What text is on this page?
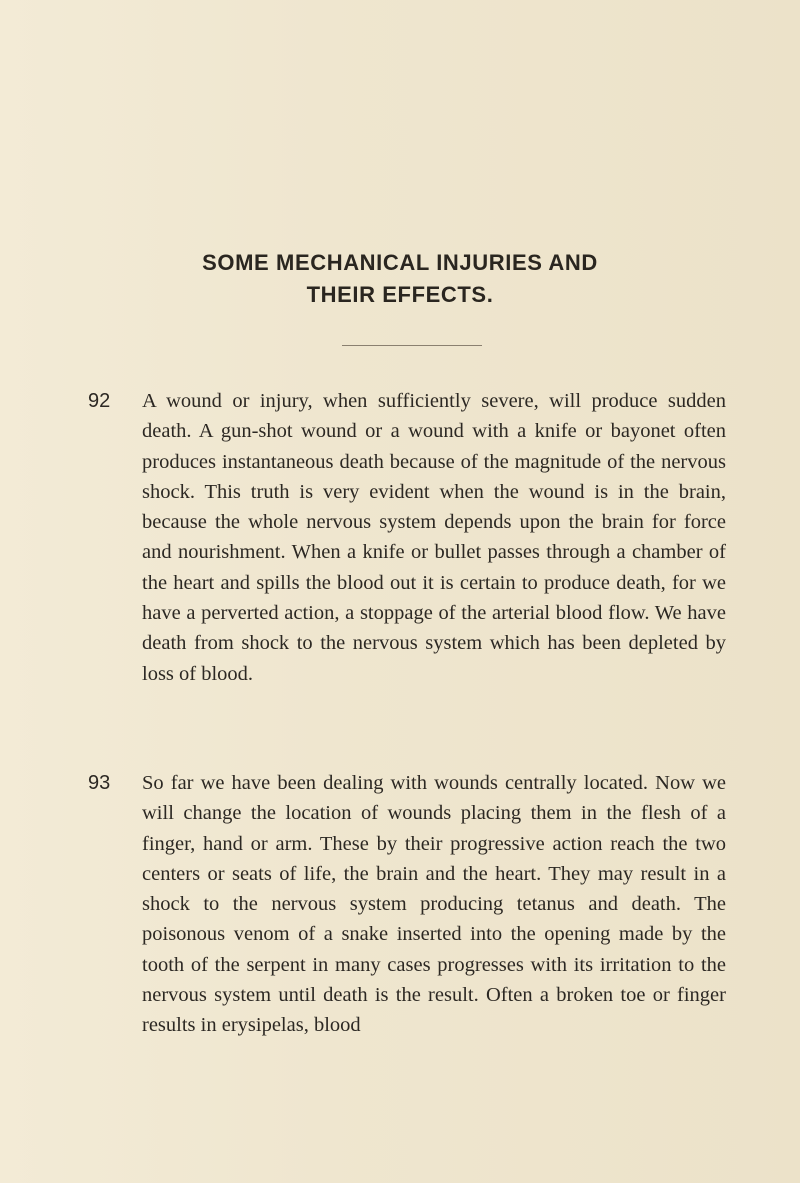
SOME MECHANICAL INJURIES AND
THEIR EFFECTS.
92 A wound or injury, when sufficiently severe, will produce sudden death. A gun-shot wound or a wound with a knife or bayonet often produces instantaneous death because of the magnitude of the nervous shock. This truth is very evident when the wound is in the brain, because the whole nervous system depends upon the brain for force and nourishment. When a knife or bullet passes through a chamber of the heart and spills the blood out it is certain to produce death, for we have a perverted action, a stoppage of the arterial blood flow. We have death from shock to the nervous system which has been depleted by loss of blood.

93 So far we have been dealing with wounds centrally located. Now we will change the location of wounds placing them in the flesh of a finger, hand or arm. These by their progressive action reach the two centers or seats of life, the brain and the heart. They may result in a shock to the nervous system producing tetanus and death. The poisonous venom of a snake inserted into the opening made by the tooth of the serpent in many cases progresses with its irritation to the nervous system until death is the result. Often a broken toe or finger results in erysipelas, blood
